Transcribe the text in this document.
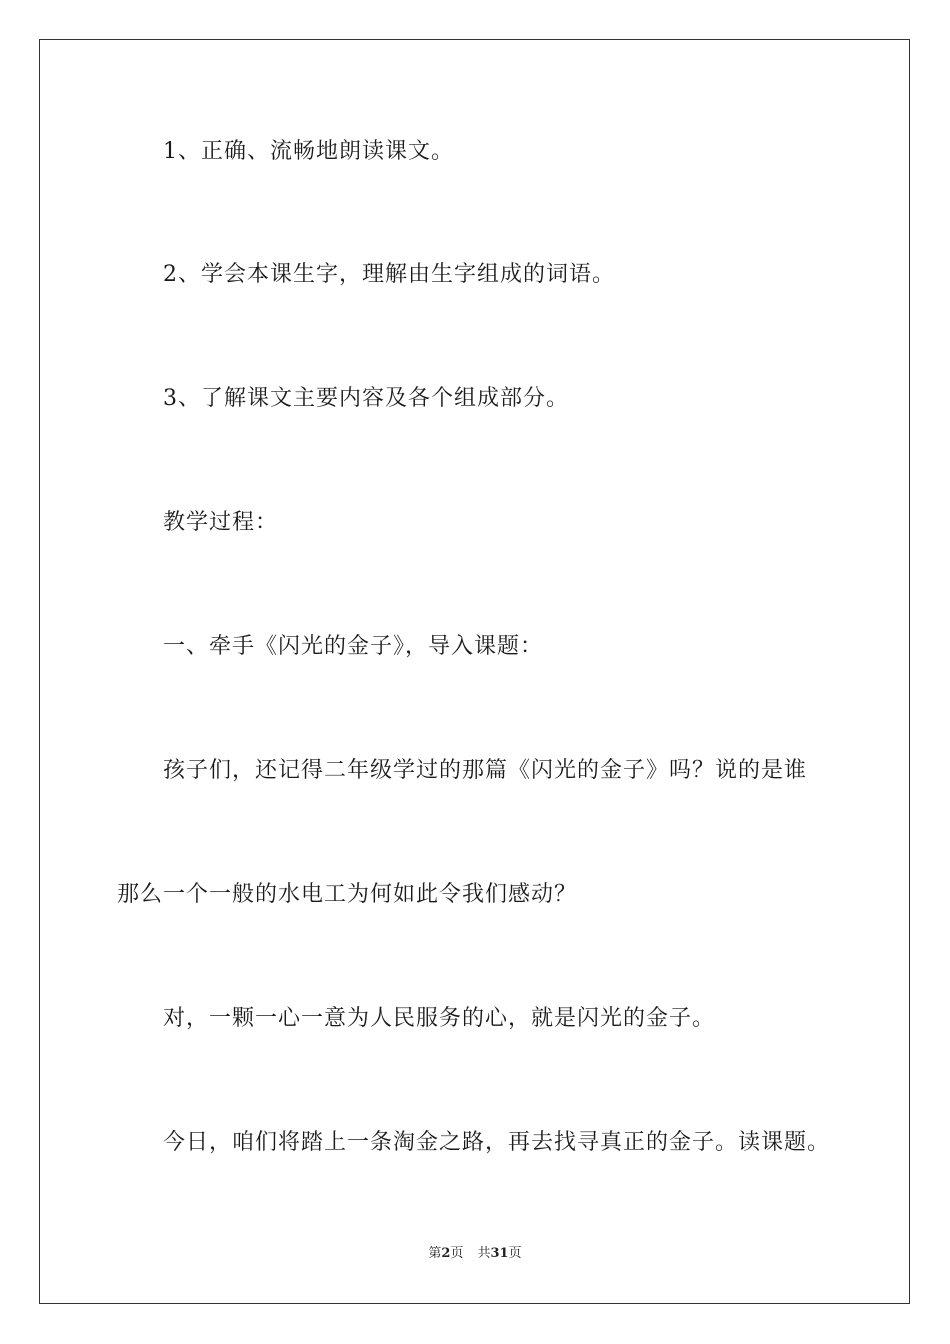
1、正确、流畅地朗读课文。

2、学会本课生字，理解由生字组成的词语。

3、了解课文主要内容及各个组成部分。

教学过程：

一、牵手《闪光的金子》，导入课题：

孩子们，还记得二年级学过的那篇《闪光的金子》吗？说的是谁

那么一个一般的水电工为何如此令我们感动？

对，一颗一心一意为人民服务的心，就是闪光的金子。

今日，咱们将踏上一条淘金之路，再去找寻真正的金子。读课题。

第2页 共31页
